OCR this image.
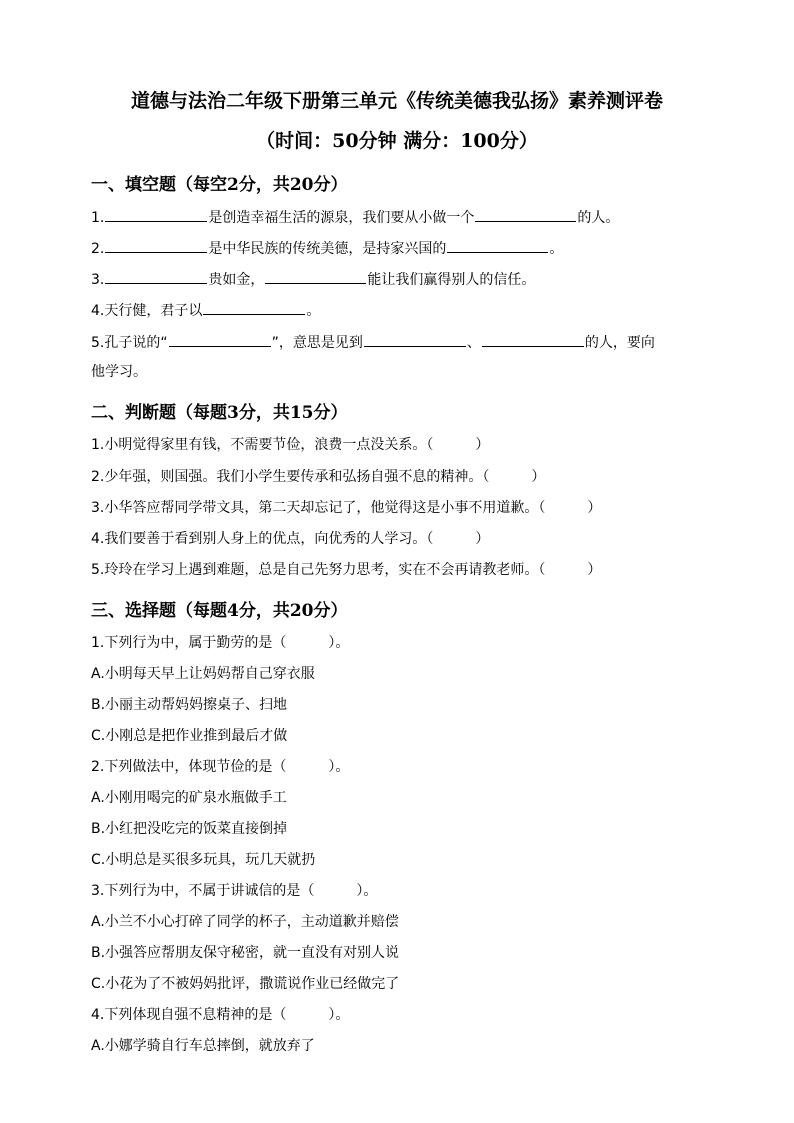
道德与法治二年级下册第三单元《传统美德我弘扬》素养测评卷
（时间：50分钟 满分：100分）
一、填空题（每空2分，共20分）
1.	是创造幸福生活的源泉，我们要从小做一个	的人。
2.	是中华民族的传统美德，是持家兴国的	。
3.	贵如金，	能让我们赢得别人的信任。
4.天行健，君子以	。
5.孔子说的“	”，意思是见到	、	的人，要向
他学习。
二、判断题（每题3分，共15分）
1.小明觉得家里有钱，不需要节俭，浪费一点没关系。（　　　）
2.少年强，则国强。我们小学生要传承和弘扬自强不息的精神。（　　　）
3.小华答应帮同学带文具，第二天却忘记了，他觉得这是小事不用道歉。（　　　）
4.我们要善于看到别人身上的优点，向优秀的人学习。（　　　）
5.玲玲在学习上遇到难题，总是自己先努力思考，实在不会再请教老师。（　　　）
三、选择题（每题4分，共20分）
1.下列行为中，属于勤劳的是（　　　）。
A.小明每天早上让妈妈帮自己穿衣服
B.小丽主动帮妈妈擦桌子、扫地
C.小刚总是把作业推到最后才做
2.下列做法中，体现节俭的是（　　　）。
A.小刚用喝完的矿泉水瓶做手工
B.小红把没吃完的饭菜直接倒掉
C.小明总是买很多玩具，玩几天就扔
3.下列行为中，不属于讲诚信的是（　　　）。
A.小兰不小心打碎了同学的杯子，主动道歉并赔偿
B.小强答应帮朋友保守秘密，就一直没有对别人说
C.小花为了不被妈妈批评，撒谎说作业已经做完了
4.下列体现自强不息精神的是（　　　）。
A.小娜学骑自行车总摔倒，就放弃了
